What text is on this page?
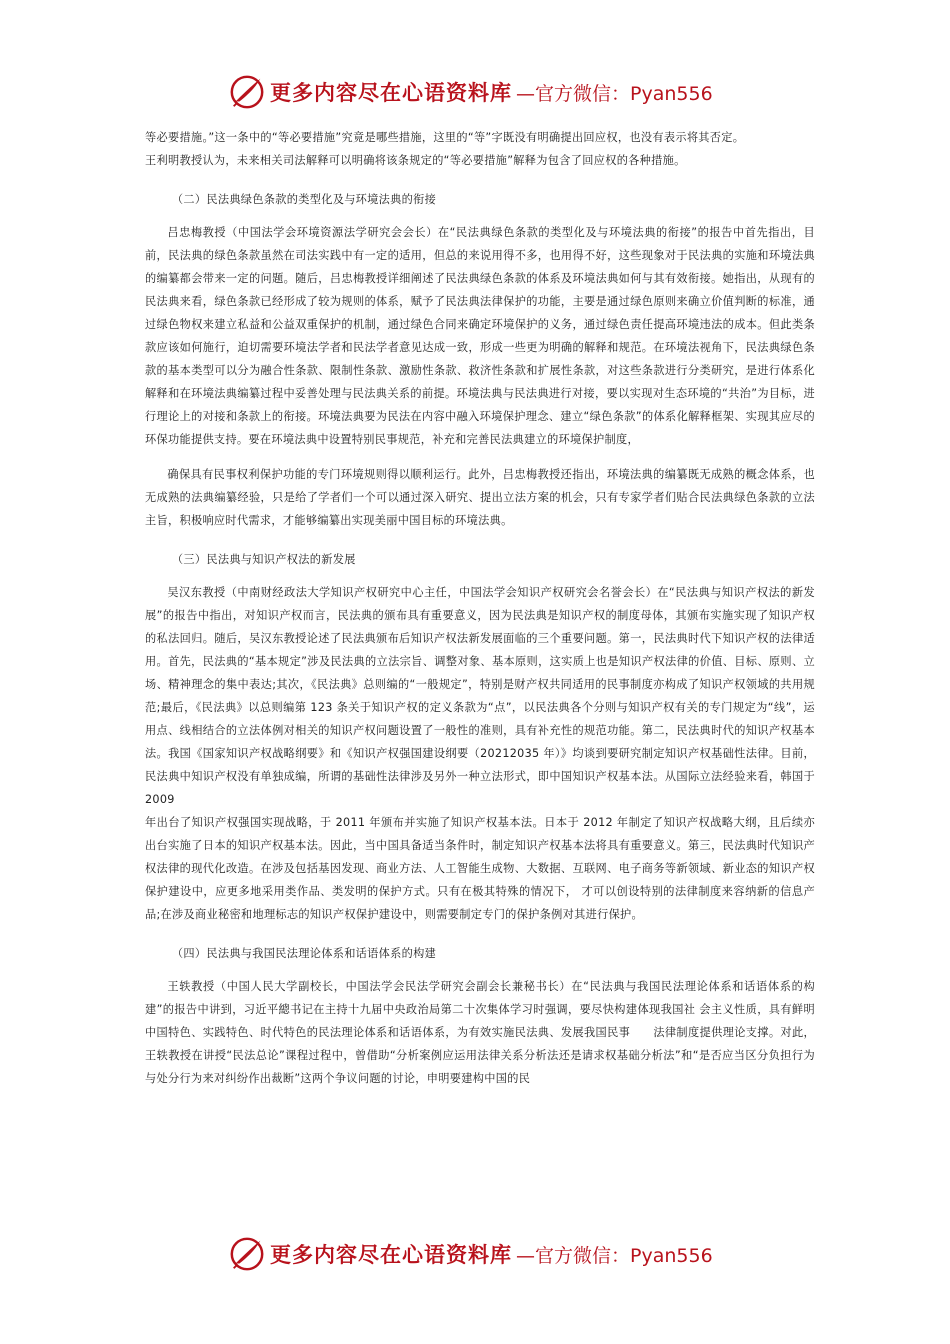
更多内容尽在心语资料库 —官方微信：Pyan556

等必要措施。”这一条中的“等必要措施”究竟是哪些措施，这里的“等”字既没有明确提出回应权，也没有表示将其否定。

王利明教授认为，未来相关司法解释可以明确将该条规定的“等必要措施”解释为包含了回应权的各种措施。

（二）民法典绿色条款的类型化及与环境法典的衔接

吕忠梅教授（中国法学会环境资源法学研究会会长）在“民法典绿色条款的类型化及与环境法典的衔接”的报告中首先指出，目前，民法典的绿色条款虽然在司法实践中有一定的适用，但总的来说用得不多，也用得不好，这些现象对于民法典的实施和环境法典的编纂都会带来一定的问题。随后，吕忠梅教授详细阐述了民法典绿色条款的体系及环境法典如何与其有效衔接。她指出，从现有的民法典来看，绿色条款已经形成了较为规则的体系，赋予了民法典法律保护的功能，主要是通过绿色原则来确立价值判断的标准，通过绿色物权来建立私益和公益双重保护的机制，通过绿色合同来确定环境保护的义务，通过绿色责任提高环境违法的成本。但此类条款应该如何施行，迫切需要环境法学者和民法学者意见达成一致，形成一些更为明确的解释和规范。在环境法视角下，民法典绿色条款的基本类型可以分为融合性条款、限制性条款、激励性条款、救济性条款和扩展性条款，对这些条款进行分类研究，是进行体系化解释和在环境法典编纂过程中妥善处理与民法典关系的前提。环境法典与民法典进行对接，要以实现对生态环境的“共治”为目标，进行理论上的对接和条款上的衔接。环境法典要为民法在内容中融入环境保护理念、建立“绿色条款”的体系化解释框架、实现其应尽的环保功能提供支持。要在环境法典中设置特别民事规范，补充和完善民法典建立的环境保护制度，

确保具有民事权利保护功能的专门环境规则得以顺利运行。此外，吕忠梅教授还指出，环境法典的编纂既无成熟的概念体系，也无成熟的法典编纂经验，只是给了学者们一个可以通过深入研究、提出立法方案的机会，只有专家学者们贴合民法典绿色条款的立法主旨，积极响应时代需求，才能够编纂出实现美丽中国目标的环境法典。

（三）民法典与知识产权法的新发展

吴汉东教授（中南财经政法大学知识产权研究中心主任，中国法学会知识产权研究会名誉会长）在“民法典与知识产权法的新发展”的报告中指出，对知识产权而言，民法典的颁布具有重要意义，因为民法典是知识产权的制度母体，其颁布实施实现了知识产权的私法回归。随后，吴汉东教授论述了民法典颁布后知识产权法新发展面临的三个重要问题。第一，民法典时代下知识产权的法律适用。首先，民法典的“基本规定”涉及民法典的立法宗旨、调整对象、基本原则，这实质上也是知识产权法律的价值、目标、原则、立场、精神理念的集中表达;其次，《民法典》总则编的“一般规定”，特别是财产权共同适用的民事制度亦构成了知识产权领域的共用规范;最后，《民法典》以总则编第 123 条关于知识产权的定义条款为“点”，以民法典各个分则与知识产权有关的专门规定为“线”，运用点、线相结合的立法体例对相关的知识产权问题设置了一般性的准则，具有补充性的规范功能。第二，民法典时代的知识产权基本法。我国《国家知识产权战略纲要》和《知识产权强国建设纲要（20212035 年）》均谈到要研究制定知识产权基础性法律。目前，民法典中知识产权没有单独成编，所谓的基础性法律涉及另外一种立法形式，即中国知识产权基本法。从国际立法经验来看，韩国于 2009

年出台了知识产权强国实现战略，于 2011 年颁布并实施了知识产权基本法。日本于 2012 年制定了知识产权战略大纲，且后续亦出台实施了日本的知识产权基本法。因此，当中国具备适当条件时，制定知识产权基本法将具有重要意义。第三，民法典时代知识产权法律的现代化改造。在涉及包括基因发现、商业方法、人工智能生成物、大数据、互联网、电子商务等新领域、新业态的知识产权保护建设中，应更多地采用类作品、类发明的保护方式。只有在极其特殊的情况下， 才可以创设特别的法律制度来容纳新的信息产品;在涉及商业秘密和地理标志的知识产权保护建设中，则需要制定专门的保护条例对其进行保护。

（四）民法典与我国民法理论体系和话语体系的构建

王轶教授（中国人民大学副校长，中国法学会民法学研究会副会长兼秘书长）在“民法典与我国民法理论体系和话语体系的构建”的报告中讲到，习近平總书记在主持十九届中央政治局第二十次集体学习时强调，要尽快构建体现我国社 会主义性质，具有鲜明中国特色、实践特色、时代特色的民法理论体系和话语体系，为有效实施民法典、发展我国民事　　法律制度提供理论支撑。对此，王轶教授在讲授“民法总论”课程过程中，曾借助“分析案例应运用法律关系分析法还是请求权基础分析法”和“是否应当区分负担行为与处分行为来对纠纷作出裁断”这两个争议问题的讨论，申明要建构中国的民

更多内容尽在心语资料库 —官方微信：Pyan556
